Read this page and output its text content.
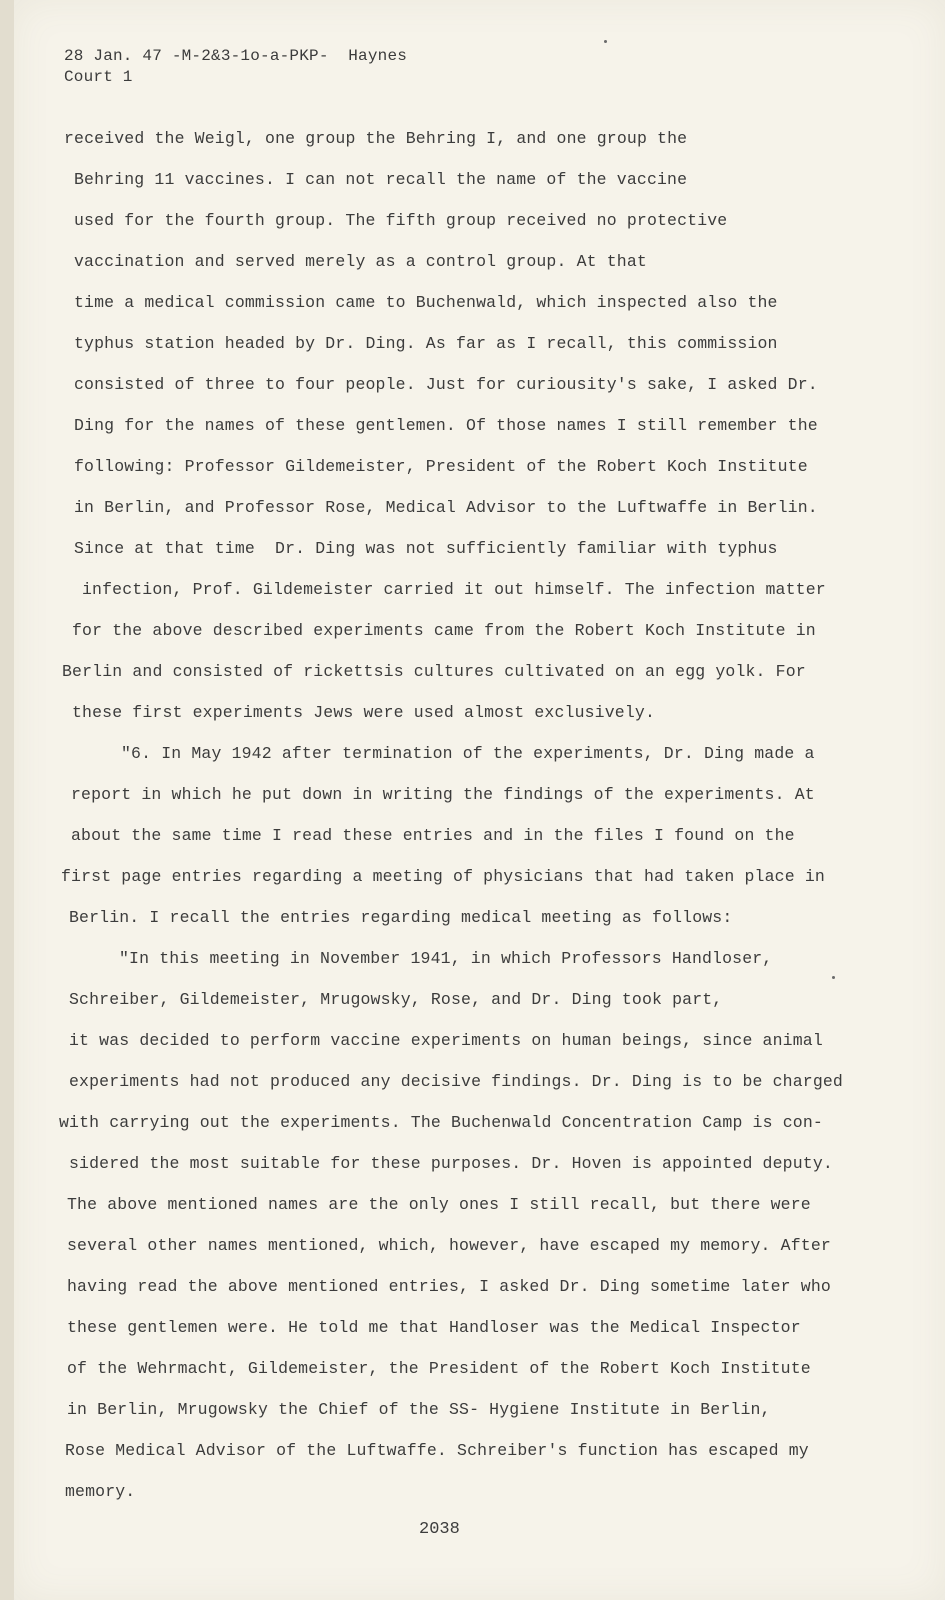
28 Jan. 47 -M-2&3-1o-a-PKP-  Haynes
Court 1
received the Weigl, one group the Behring I, and one group the
Behring 11 vaccines. I can not recall the name of the vaccine
used for the fourth group. The fifth group received no protective
vaccination and served merely as a control group. At that
time a medical commission came to Buchenwald, which inspected also the
typhus station headed by Dr. Ding. As far as I recall, this commission
consisted of three to four people. Just for curiousity's sake, I asked Dr.
Ding for the names of these gentlemen. Of those names I still remember the
following: Professor Gildemeister, President of the Robert Koch Institute
in Berlin, and Professor Rose, Medical Advisor to the Luftwaffe in Berlin.
Since at that time  Dr. Ding was not sufficiently familiar with typhus
infection, Prof. Gildemeister carried it out himself. The infection matter
for the above described experiments came from the Robert Koch Institute in
Berlin and consisted of rickettsis cultures cultivated on an egg yolk. For
these first experiments Jews were used almost exclusively.
"6. In May 1942 after termination of the experiments, Dr. Ding made a
report in which he put down in writing the findings of the experiments. At
about the same time I read these entries and in the files I found on the
first page entries regarding a meeting of physicians that had taken place in
Berlin. I recall the entries regarding medical meeting as follows:
"In this meeting in November 1941, in which Professors Handloser,
Schreiber, Gildemeister, Mrugowsky, Rose, and Dr. Ding took part,
it was decided to perform vaccine experiments on human beings, since animal
experiments had not produced any decisive findings. Dr. Ding is to be charged
with carrying out the experiments. The Buchenwald Concentration Camp is con-
sidered the most suitable for these purposes. Dr. Hoven is appointed deputy.
The above mentioned names are the only ones I still recall, but there were
several other names mentioned, which, however, have escaped my memory. After
having read the above mentioned entries, I asked Dr. Ding sometime later who
these gentlemen were. He told me that Handloser was the Medical Inspector
of the Wehrmacht, Gildemeister, the President of the Robert Koch Institute
in Berlin, Mrugowsky the Chief of the SS- Hygiene Institute in Berlin,
Rose Medical Advisor of the Luftwaffe. Schreiber's function has escaped my
memory.
2038
